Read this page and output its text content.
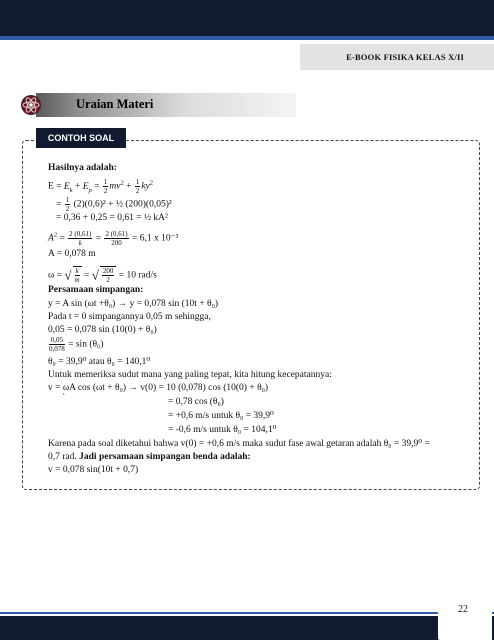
E-BOOK FISIKA KELAS X/II
Uraian Materi
CONTOH SOAL
Hasilnya adalah:
$E = E_k + E_p = \frac{1}{2} mv^2 + \frac{1}{2} ky^2$
= $\frac{1}{2} (2)(0,6)^2$ + ½ (200)(0,05)²
= 0,36 + 0,25 = 0,61 = ½ kA²
$A^2 = \frac{2 (0,61)}{k} = \frac{2 (0,61)}{200} = 6,1$ x 10⁻³
A = 0,078 m
ω = √ $\frac{k}{m}$ = √ $\frac{200}{2} = 10$ rad/s
Persamaan simpangan:
y = A sin (ωt +θ₀) → y = 0,078 sin (10t + θ₀)
Pada t = 0 simpangannya 0,05 m sehingga,
0,05 = 0,078 sin (10(0) + θ₀)
$\frac{0,05}{0,078} = \sin (\theta_0)$
θ₀ = 39,9⁰ atau θ₀ = 140,1⁰
Untuk memeriksa sudut mana yang paling tepat, kita hitung kecepatannya:
v = ωA cos (ωt + θ₀) → v(0) = 10 (0,078) cos (10(0) + θ₀)
`	= 0,78 cos (θ₀)
= +0,6 m/s untuk θ₀ = 39,9⁰
= -0,6 m/s untuk θ₀ = 104,1⁰
Karena pada soal diketahui bahwa v(0) = +0,6 m/s maka sudut fase awal getaran adalah θ₀ = 39,9⁰ =
0,7 rad. Jadi persamaan simpangan benda adalah:
v = 0,078 sin(10t + 0,7)
22
